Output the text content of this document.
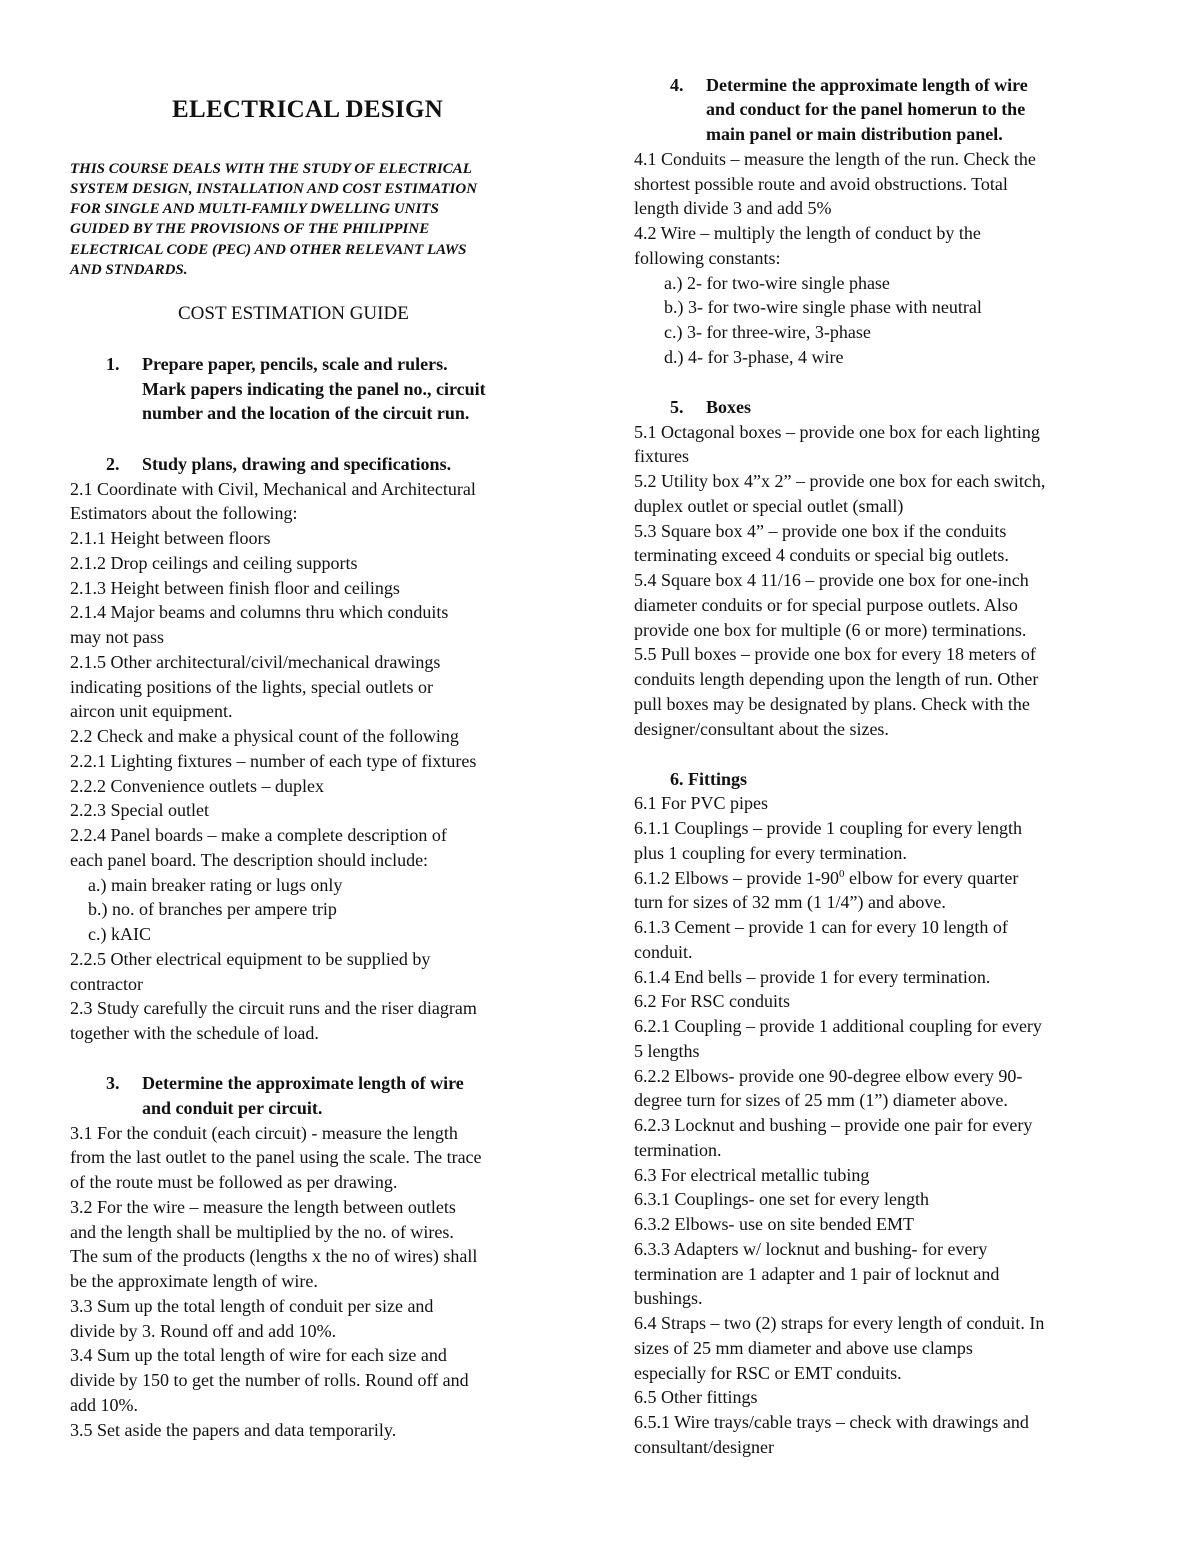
ELECTRICAL DESIGN
THIS COURSE DEALS WITH THE STUDY OF ELECTRICAL
SYSTEM DESIGN, INSTALLATION AND COST ESTIMATION
FOR SINGLE AND MULTI-FAMILY DWELLING UNITS
GUIDED BY THE PROVISIONS OF THE PHILIPPINE
ELECTRICAL CODE (PEC) AND OTHER RELEVANT LAWS
AND STNDARDS.
COST ESTIMATION GUIDE
1. Prepare paper, pencils, scale and rulers.
Mark papers indicating the panel no., circuit
number and the location of the circuit run.
2. Study plans, drawing and specifications.
2.1 Coordinate with Civil, Mechanical and Architectural
Estimators about the following:
2.1.1 Height between floors
2.1.2 Drop ceilings and ceiling supports
2.1.3 Height between finish floor and ceilings
2.1.4 Major beams and columns thru which conduits
may not pass
2.1.5 Other architectural/civil/mechanical drawings
indicating positions of the lights, special outlets or
aircon unit equipment.
2.2 Check and make a physical count of the following
2.2.1 Lighting fixtures – number of each type of fixtures
2.2.2 Convenience outlets – duplex
2.2.3 Special outlet
2.2.4 Panel boards – make a complete description of
each panel board. The description should include:
a.) main breaker rating or lugs only
b.) no. of branches per ampere trip
c.) kAIC
2.2.5 Other electrical equipment to be supplied by
contractor
2.3 Study carefully the circuit runs and the riser diagram
together with the schedule of load.
3. Determine the approximate length of wire
and conduit per circuit.
3.1 For the conduit (each circuit) - measure the length
from the last outlet to the panel using the scale. The trace
of the route must be followed as per drawing.
3.2 For the wire – measure the length between outlets
and the length shall be multiplied by the no. of wires.
The sum of the products (lengths x the no of wires) shall
be the approximate length of wire.
3.3 Sum up the total length of conduit per size and
divide by 3. Round off and add 10%.
3.4 Sum up the total length of wire for each size and
divide by 150 to get the number of rolls. Round off and
add 10%.
3.5 Set aside the papers and data temporarily.
4. Determine the approximate length of wire
and conduct for the panel homerun to the
main panel or main distribution panel.
4.1 Conduits – measure the length of the run. Check the
shortest possible route and avoid obstructions. Total
length divide 3 and add 5%
4.2 Wire – multiply the length of conduct by the
following constants:
a.) 2- for two-wire single phase
b.) 3- for two-wire single phase with neutral
c.) 3- for three-wire, 3-phase
d.) 4- for 3-phase, 4 wire
5. Boxes
5.1 Octagonal boxes – provide one box for each lighting
fixtures
5.2 Utility box 4”x 2” – provide one box for each switch,
duplex outlet or special outlet (small)
5.3 Square box 4” – provide one box if the conduits
terminating exceed 4 conduits or special big outlets.
5.4 Square box 4 11/16 – provide one box for one-inch
diameter conduits or for special purpose outlets. Also
provide one box for multiple (6 or more) terminations.
5.5 Pull boxes – provide one box for every 18 meters of
conduits length depending upon the length of run. Other
pull boxes may be designated by plans. Check with the
designer/consultant about the sizes.
6. Fittings
6.1 For PVC pipes
6.1.1 Couplings – provide 1 coupling for every length
plus 1 coupling for every termination.
6.1.2 Elbows – provide $1-90^0$ elbow for every quarter
turn for sizes of 32 mm (1 1/4”) and above.
6.1.3 Cement – provide 1 can for every 10 length of
conduit.
6.1.4 End bells – provide 1 for every termination.
6.2 For RSC conduits
6.2.1 Coupling – provide 1 additional coupling for every
5 lengths
6.2.2 Elbows- provide one 90-degree elbow every 90-
degree turn for sizes of 25 mm (1”) diameter above.
6.2.3 Locknut and bushing – provide one pair for every
termination.
6.3 For electrical metallic tubing
6.3.1 Couplings- one set for every length
6.3.2 Elbows- use on site bended EMT
6.3.3 Adapters w/ locknut and bushing- for every
termination are 1 adapter and 1 pair of locknut and
bushings.
6.4 Straps – two (2) straps for every length of conduit. In
sizes of 25 mm diameter and above use clamps
especially for RSC or EMT conduits.
6.5 Other fittings
6.5.1 Wire trays/cable trays – check with drawings and
consultant/designer
